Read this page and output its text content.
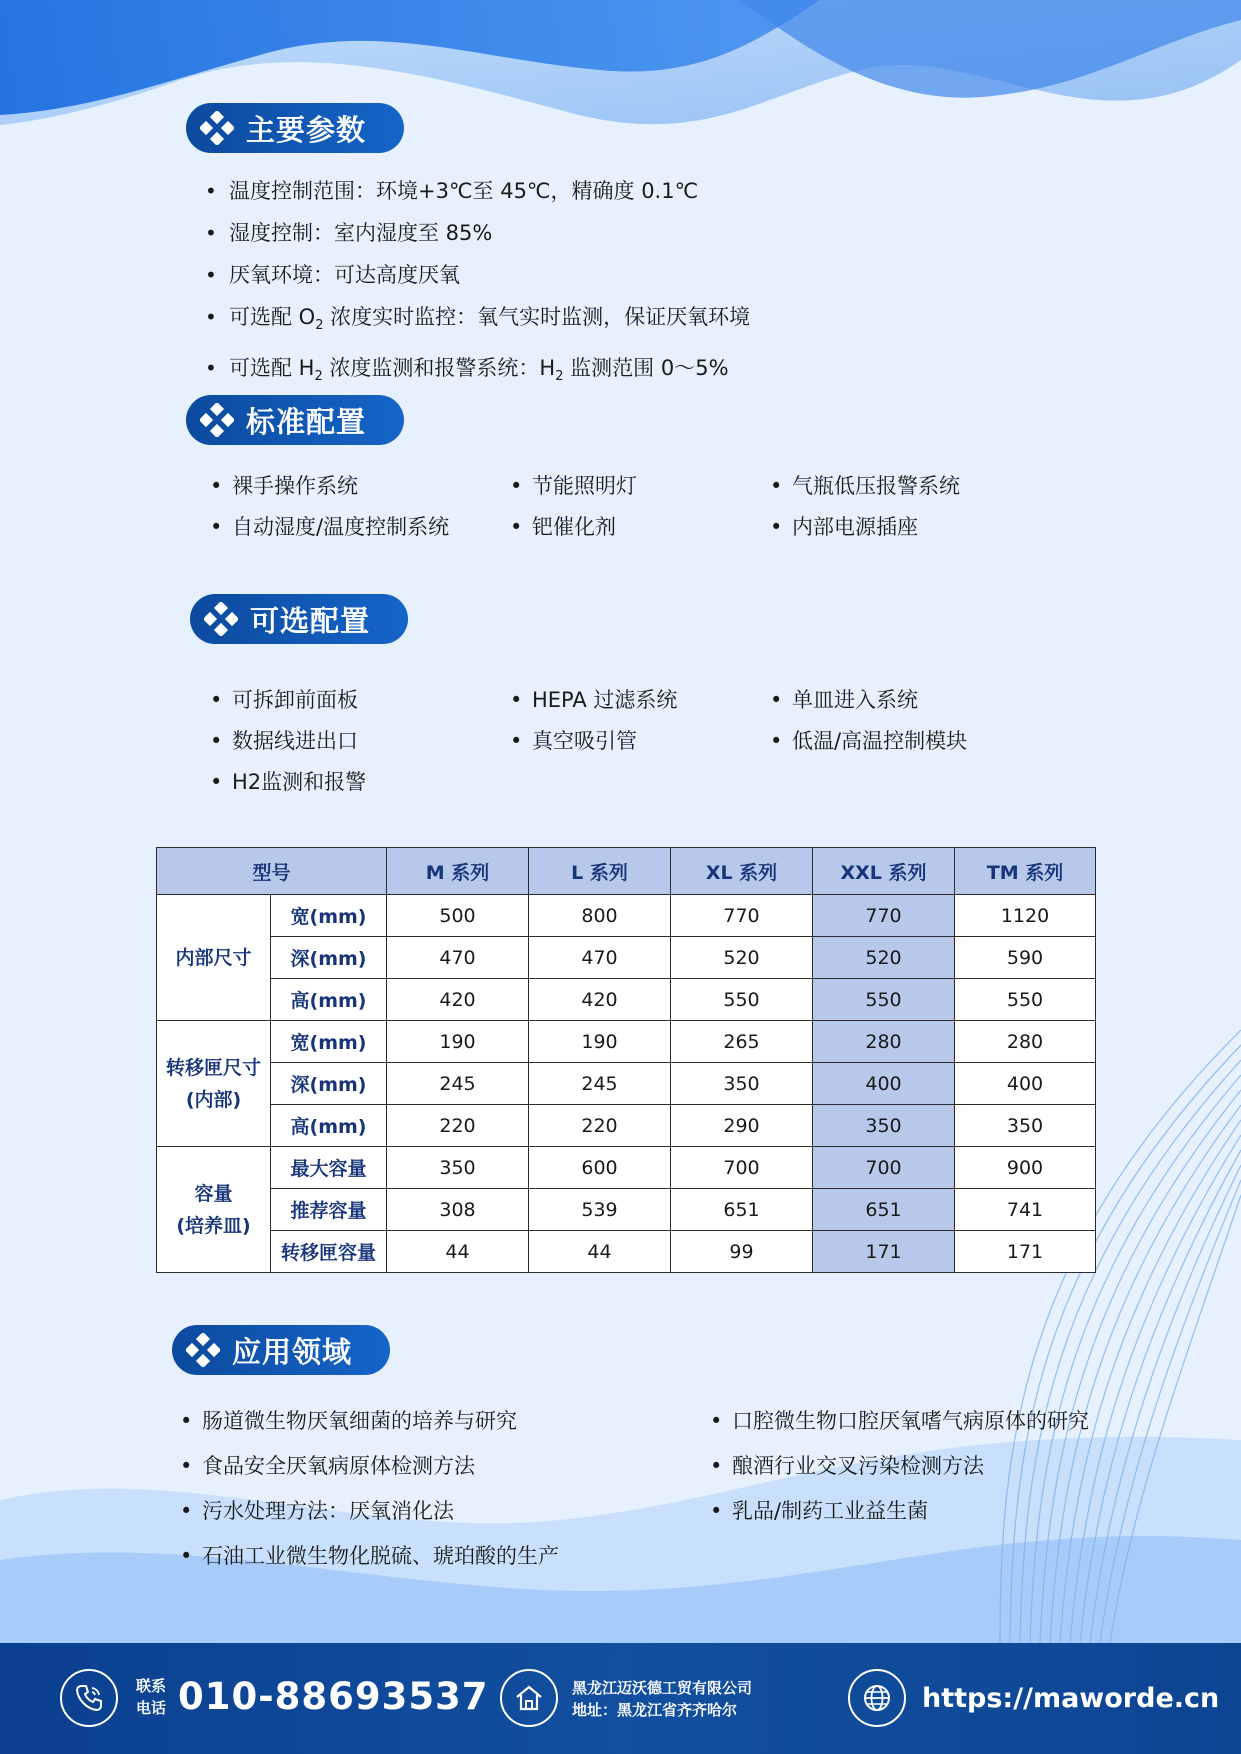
主要参数
• 温度控制范围：环境+3℃至 45℃，精确度 0.1℃
• 湿度控制：室内湿度至 85%
• 厌氧环境：可达高度厌氧
• 可选配 $O_2$ 浓度实时监控：氧气实时监测，保证厌氧环境
• 可选配 $H_2$ 浓度监测和报警系统：$H_2$ 监测范围 0～5%
标准配置
• 裸手操作系统	• 节能照明灯	• 气瓶低压报警系统
• 自动湿度/温度控制系统	• 钯催化剂	• 内部电源插座
可选配置
• 可拆卸前面板	• HEPA 过滤系统	• 单皿进入系统
• 数据线进出口	• 真空吸引管	• 低温/高温控制模块
• H2监测和报警
型号		M 系列	L 系列	XL 系列	XXL 系列	TM 系列
内部尺寸	宽(mm)	500	800	770	770	1120
	深(mm)	470	470	520	520	590
	高(mm)	420	420	550	550	550
转移匣尺寸
(内部)	宽(mm)	190	190	265	280	280
	深(mm)	245	245	350	400	400
	高(mm)	220	220	290	350	350
容量
(培养皿)	最大容量	350	600	700	700	900
	推荐容量	308	539	651	651	741
	转移匣容量	44	44	99	171	171
应用领域
• 肠道微生物厌氧细菌的培养与研究	• 口腔微生物口腔厌氧嗜气病原体的研究
• 食品安全厌氧病原体检测方法	• 酿酒行业交叉污染检测方法
• 污水处理方法：厌氧消化法	• 乳品/制药工业益生菌
• 石油工业微生物化脱硫、琥珀酸的生产
联系
电话 010-88693537	黑龙江迈沃德工贸有限公司
地址：黑龙江省齐齐哈尔	https://mawordе.cn
